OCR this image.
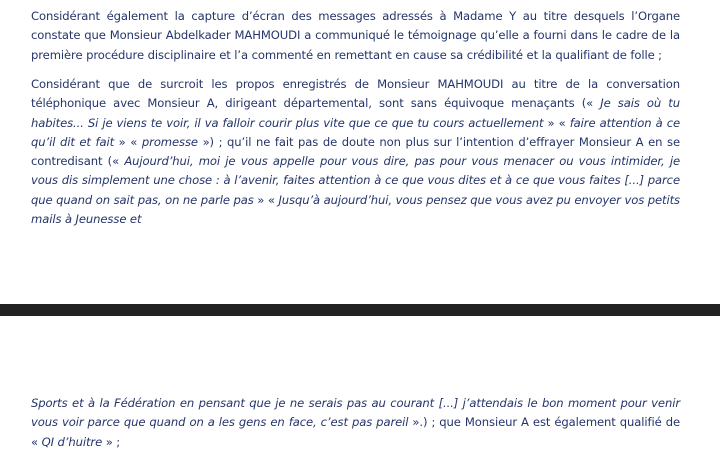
Considérant également la capture d’écran des messages adressés à Madame Y au titre desquels l’Organe constate que Monsieur Abdelkader MAHMOUDI a communiqué le témoignage qu’elle a fourni dans le cadre de la première procédure disciplinaire et l’a commenté en remettant en cause sa crédibilité et la qualifiant de folle ;

Considérant que de surcroit les propos enregistrés de Monsieur MAHMOUDI au titre de la conversation téléphonique avec Monsieur A, dirigeant départemental, sont sans équivoque menaçants (« Je sais où tu habites... Si je viens te voir, il va falloir courir plus vite que ce que tu cours actuellement » « faire attention à ce qu’il dit et fait » « promesse ») ; qu’il ne fait pas de doute non plus sur l’intention d’effrayer Monsieur A en se contredisant (« Aujourd’hui, moi je vous appelle pour vous dire, pas pour vous menacer ou vous intimider, je vous dis simplement une chose : à l’avenir, faites attention à ce que vous dites et à ce que vous faites [...] parce que quand on sait pas, on ne parle pas » « Jusqu’à aujourd’hui, vous pensez que vous avez pu envoyer vos petits mails à Jeunesse et

Sports et à la Fédération en pensant que je ne serais pas au courant [...] j’attendais le bon moment pour venir vous voir parce que quand on a les gens en face, c’est pas pareil ».) ; que Monsieur A est également qualifié de « QI d’huitre » ;
